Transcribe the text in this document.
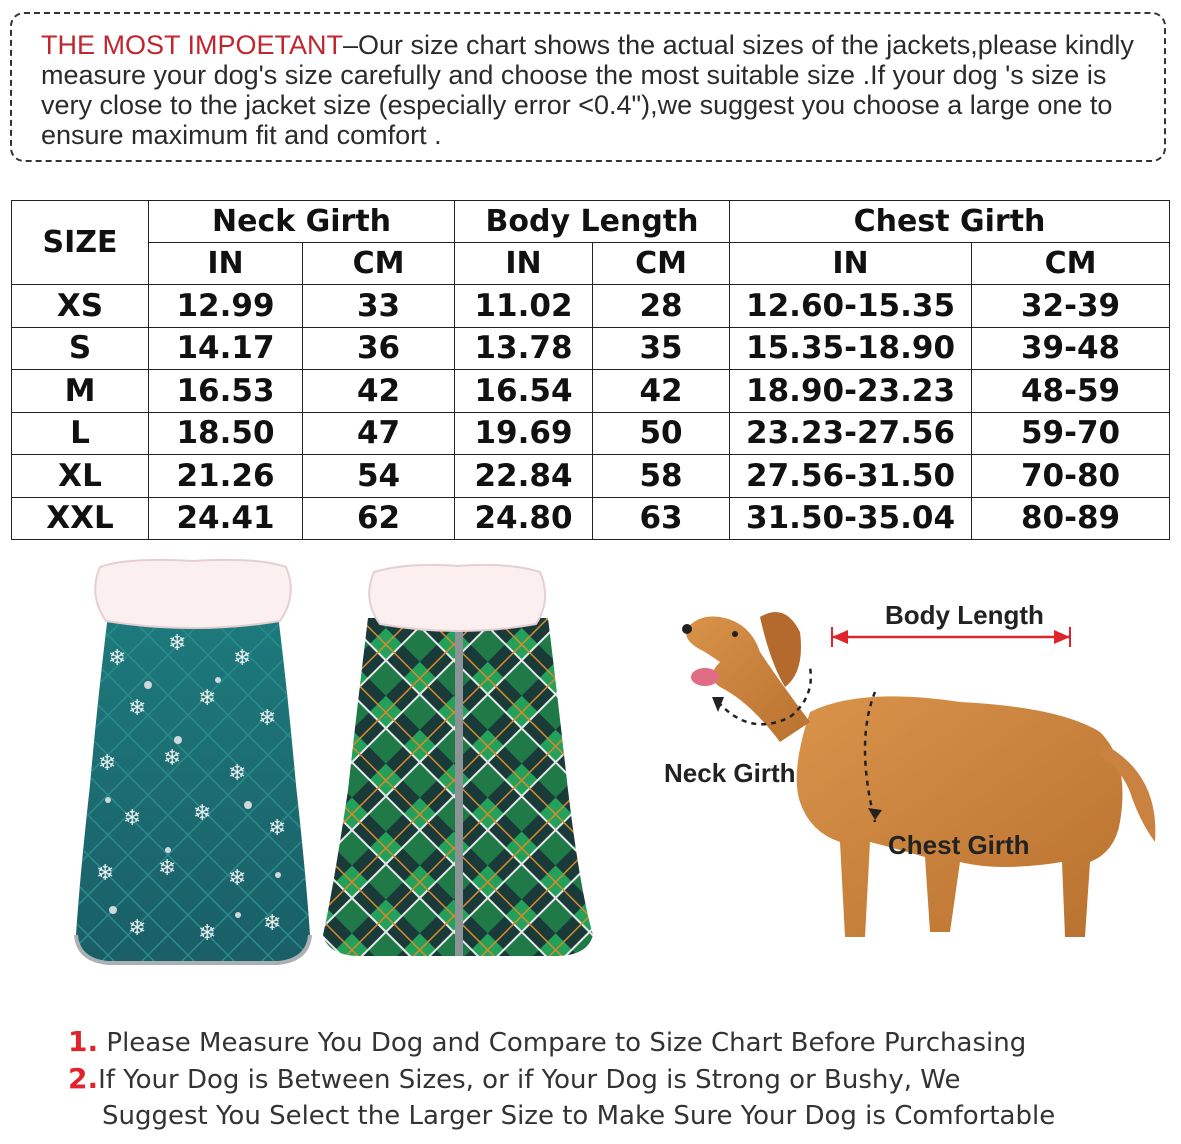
THE MOST IMPOETANT–Our size chart shows the actual sizes of the jackets,please kindly measure your dog's size carefully and choose the most suitable size .If your dog 's size is very close to the jacket size (especially error <0.4"),we suggest you choose a large one to ensure maximum fit and comfort .
SIZE	Neck Girth		Body Length		Chest Girth	
	IN	CM	IN	CM	IN	CM
XS	12.99	33	11.02	28	12.60-15.35	32-39
S	14.17	36	13.78	35	15.35-18.90	39-48
M	16.53	42	16.54	42	18.90-23.23	48-59
L	18.50	47	19.69	50	23.23-27.56	59-70
XL	21.26	54	22.84	58	27.56-31.50	70-80
XXL	24.41	62	24.80	63	31.50-35.04	80-89
❄
❄
❄
❄ ❄
❄
❄ ❄
❄
❄ ❄
❄
❄ ❄ ❄
❄ ❄ ❄
Body Length
Neck Girth
Chest Girth
1. Please Measure You Dog and Compare to Size Chart Before Purchasing
2.If Your Dog is Between Sizes, or if Your Dog is Strong or Bushy, We
Suggest You Select the Larger Size to Make Sure Your Dog is Comfortable
